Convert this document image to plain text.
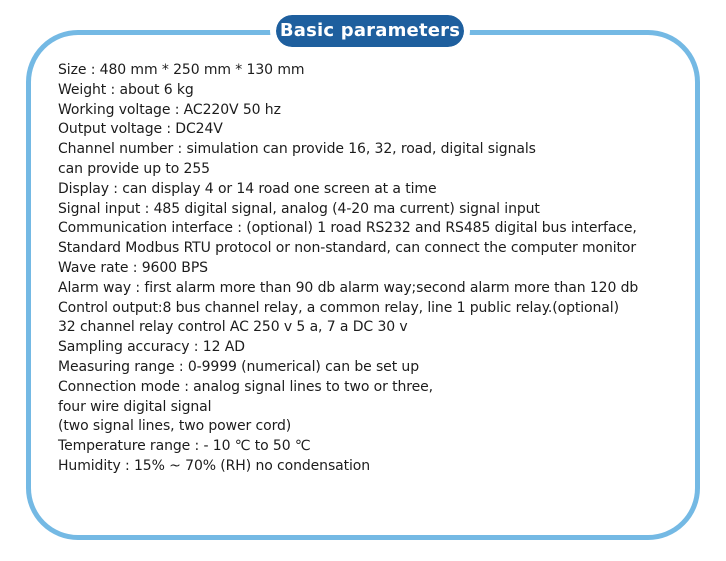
Basic parameters
Size : 480 mm * 250 mm * 130 mm
Weight : about 6 kg
Working voltage : AC220V 50 hz
Output voltage : DC24V
Channel number : simulation can provide 16, 32, road, digital signals
can provide up to 255
Display : can display 4 or 14 road one screen at a time
Signal input : 485 digital signal, analog (4-20 ma current) signal input
Communication interface : (optional) 1 road RS232 and RS485 digital bus interface,
Standard Modbus RTU protocol or non-standard, can connect the computer monitor
Wave rate : 9600 BPS
Alarm way : first alarm more than 90 db alarm way;second alarm more than 120 db
Control output:8 bus channel relay, a common relay, line 1 public relay.(optional)
32 channel relay control AC 250 v 5 a, 7 a DC 30 v
Sampling accuracy : 12 AD
Measuring range : 0-9999 (numerical) can be set up
Connection mode : analog signal lines to two or three,
four wire digital signal
(two signal lines, two power cord)
Temperature range : - 10 ℃ to 50 ℃
Humidity : 15% ~ 70% (RH) no condensation
